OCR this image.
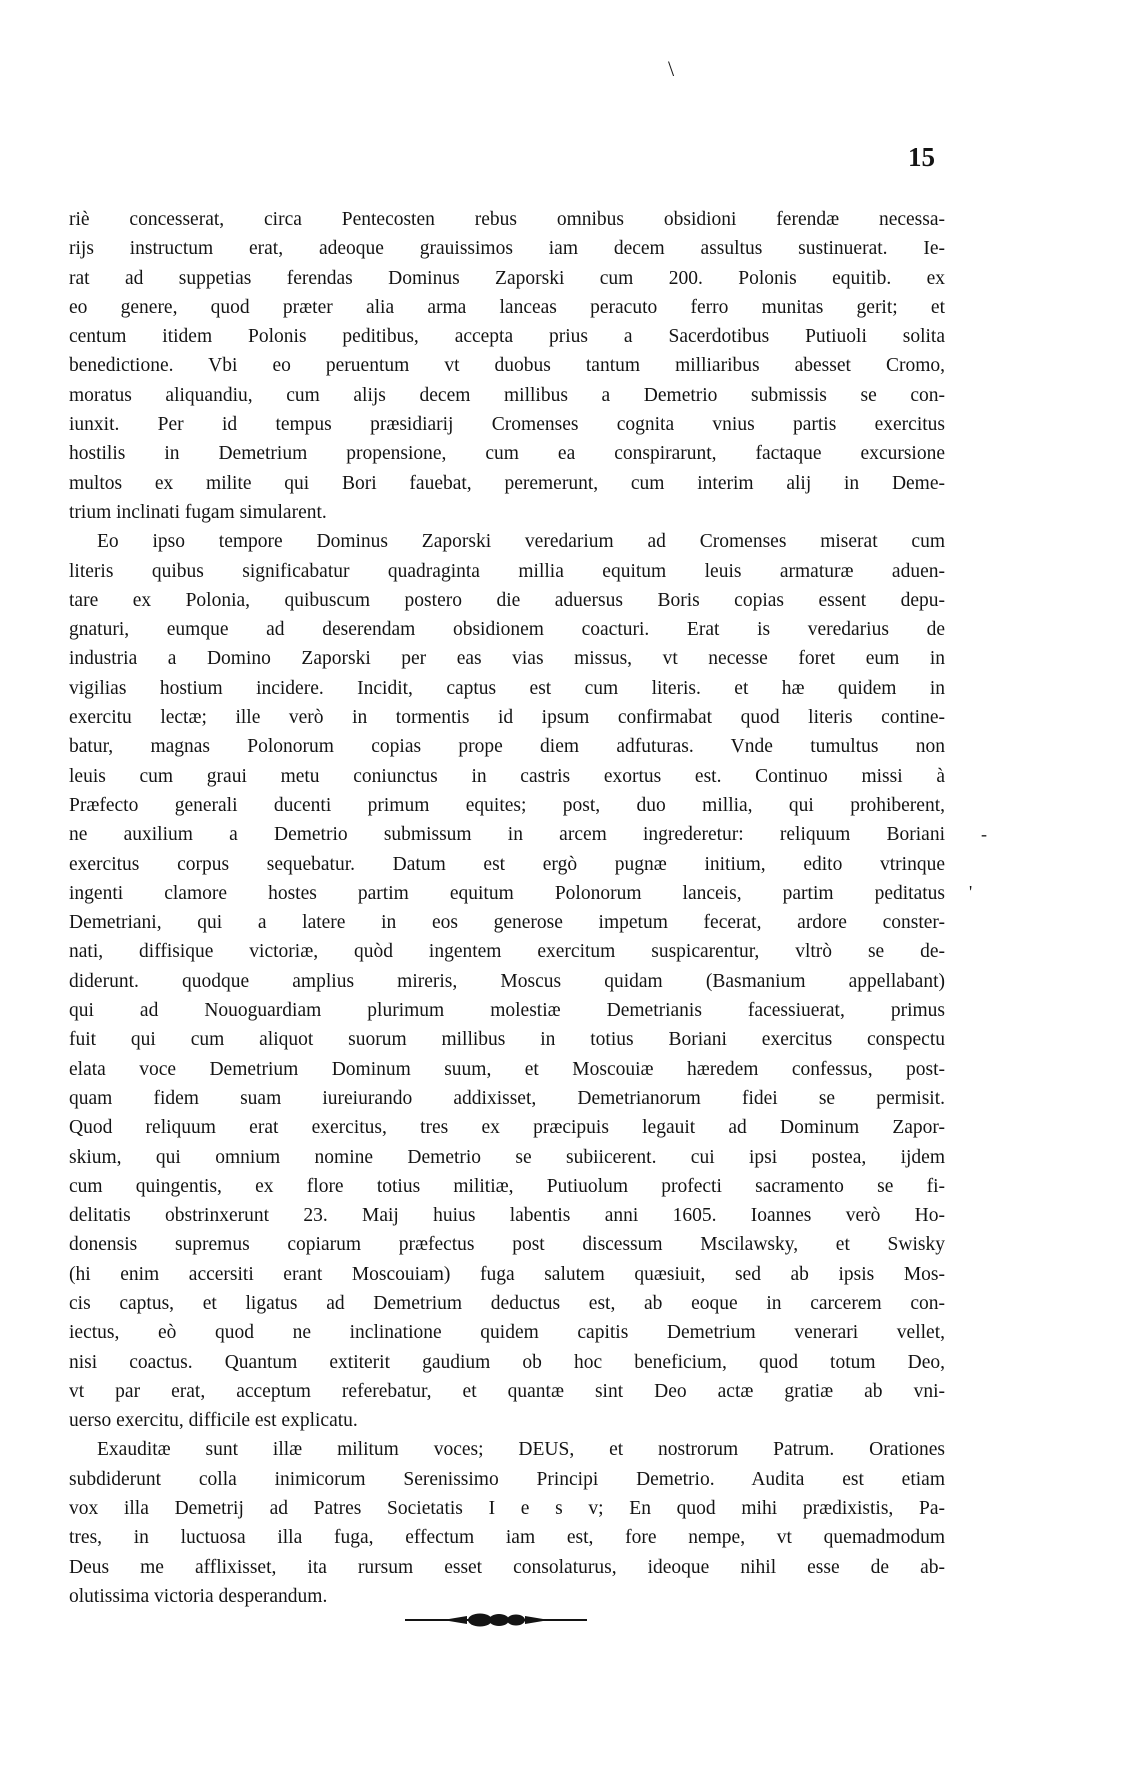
\
15
riè concesserat, circa Pentecosten rebus omnibus obsidioni ferendæ necessa-
rijs instructum erat, adeoque grauissimos iam decem assultus sustinuerat. Ie-
rat ad suppetias ferendas Dominus Zaporski cum 200. Polonis equitib. ex
eo genere, quod præter alia arma lanceas peracuto ferro munitas gerit; et
centum itidem Polonis peditibus, accepta prius a Sacerdotibus Putiuoli solita
benedictione. Vbi eo peruentum vt duobus tantum milliaribus abesset Cromo,
moratus aliquandiu, cum alijs decem millibus a Demetrio submissis se con-
iunxit. Per id tempus præsidiarij Cromenses cognita vnius partis exercitus
hostilis in Demetrium propensione, cum ea conspirarunt, factaque excursione
multos ex milite qui Bori fauebat, peremerunt, cum interim alij in Deme-
trium inclinati fugam simularent.
Eo ipso tempore Dominus Zaporski veredarium ad Cromenses miserat cum
literis quibus significabatur quadraginta millia equitum leuis armaturæ aduen-
tare ex Polonia, quibuscum postero die aduersus Boris copias essent depu-
gnaturi, eumque ad deserendam obsidionem coacturi. Erat is veredarius de
industria a Domino Zaporski per eas vias missus, vt necesse foret eum in
vigilias hostium incidere. Incidit, captus est cum literis. et hæ quidem in
exercitu lectæ; ille verò in tormentis id ipsum confirmabat quod literis contine-
batur, magnas Polonorum copias prope diem adfuturas. Vnde tumultus non
leuis cum graui metu coniunctus in castris exortus est. Continuo missi à
Præfecto generali ducenti primum equites; post, duo millia, qui prohiberent,
ne auxilium a Demetrio submissum in arcem ingrederetur: reliquum Boriani
exercitus corpus sequebatur. Datum est ergò pugnæ initium, edito vtrinque
ingenti clamore hostes partim equitum Polonorum lanceis, partim peditatus
Demetriani, qui a latere in eos generose impetum fecerat, ardore conster-
nati, diffisique victoriæ, quòd ingentem exercitum suspicarentur, vltrò se de-
diderunt. quodque amplius mireris, Moscus quidam (Basmanium appellabant)
qui ad Nouoguardiam plurimum molestiæ Demetrianis facessiuerat, primus
fuit qui cum aliquot suorum millibus in totius Boriani exercitus conspectu
elata voce Demetrium Dominum suum, et Moscouiæ hæredem confessus, post-
quam fidem suam iureiurando addixisset, Demetrianorum fidei se permisit.
Quod reliquum erat exercitus, tres ex præcipuis legauit ad Dominum Zapor-
skium, qui omnium nomine Demetrio se subiicerent. cui ipsi postea, ijdem
cum quingentis, ex flore totius militiæ, Putiuolum profecti sacramento se fi-
delitatis obstrinxerunt 23. Maij huius labentis anni 1605. Ioannes verò Ho-
donensis supremus copiarum præfectus post discessum Mscilawsky, et Swisky
(hi enim accersiti erant Moscouiam) fuga salutem quæsiuit, sed ab ipsis Mos-
cis captus, et ligatus ad Demetrium deductus est, ab eoque in carcerem con-
iectus, eò quod ne inclinatione quidem capitis Demetrium venerari vellet,
nisi coactus. Quantum extiterit gaudium ob hoc beneficium, quod totum Deo,
vt par erat, acceptum referebatur, et quantæ sint Deo actæ gratiæ ab vni-
uerso exercitu, difficile est explicatu.
Exauditæ sunt illæ militum voces; DEUS, et nostrorum Patrum. Orationes
subdiderunt colla inimicorum Serenissimo Principi Demetrio. Audita est etiam
vox illa Demetrij ad Patres Societatis I e s v; En quod mihi prædixistis, Pa-
tres, in luctuosa illa fuga, effectum iam est, fore nempe, vt quemadmodum
Deus me afflixisset, ita rursum esset consolaturus, ideoque nihil esse de ab-
olutissima victoria desperandum.
-
'
